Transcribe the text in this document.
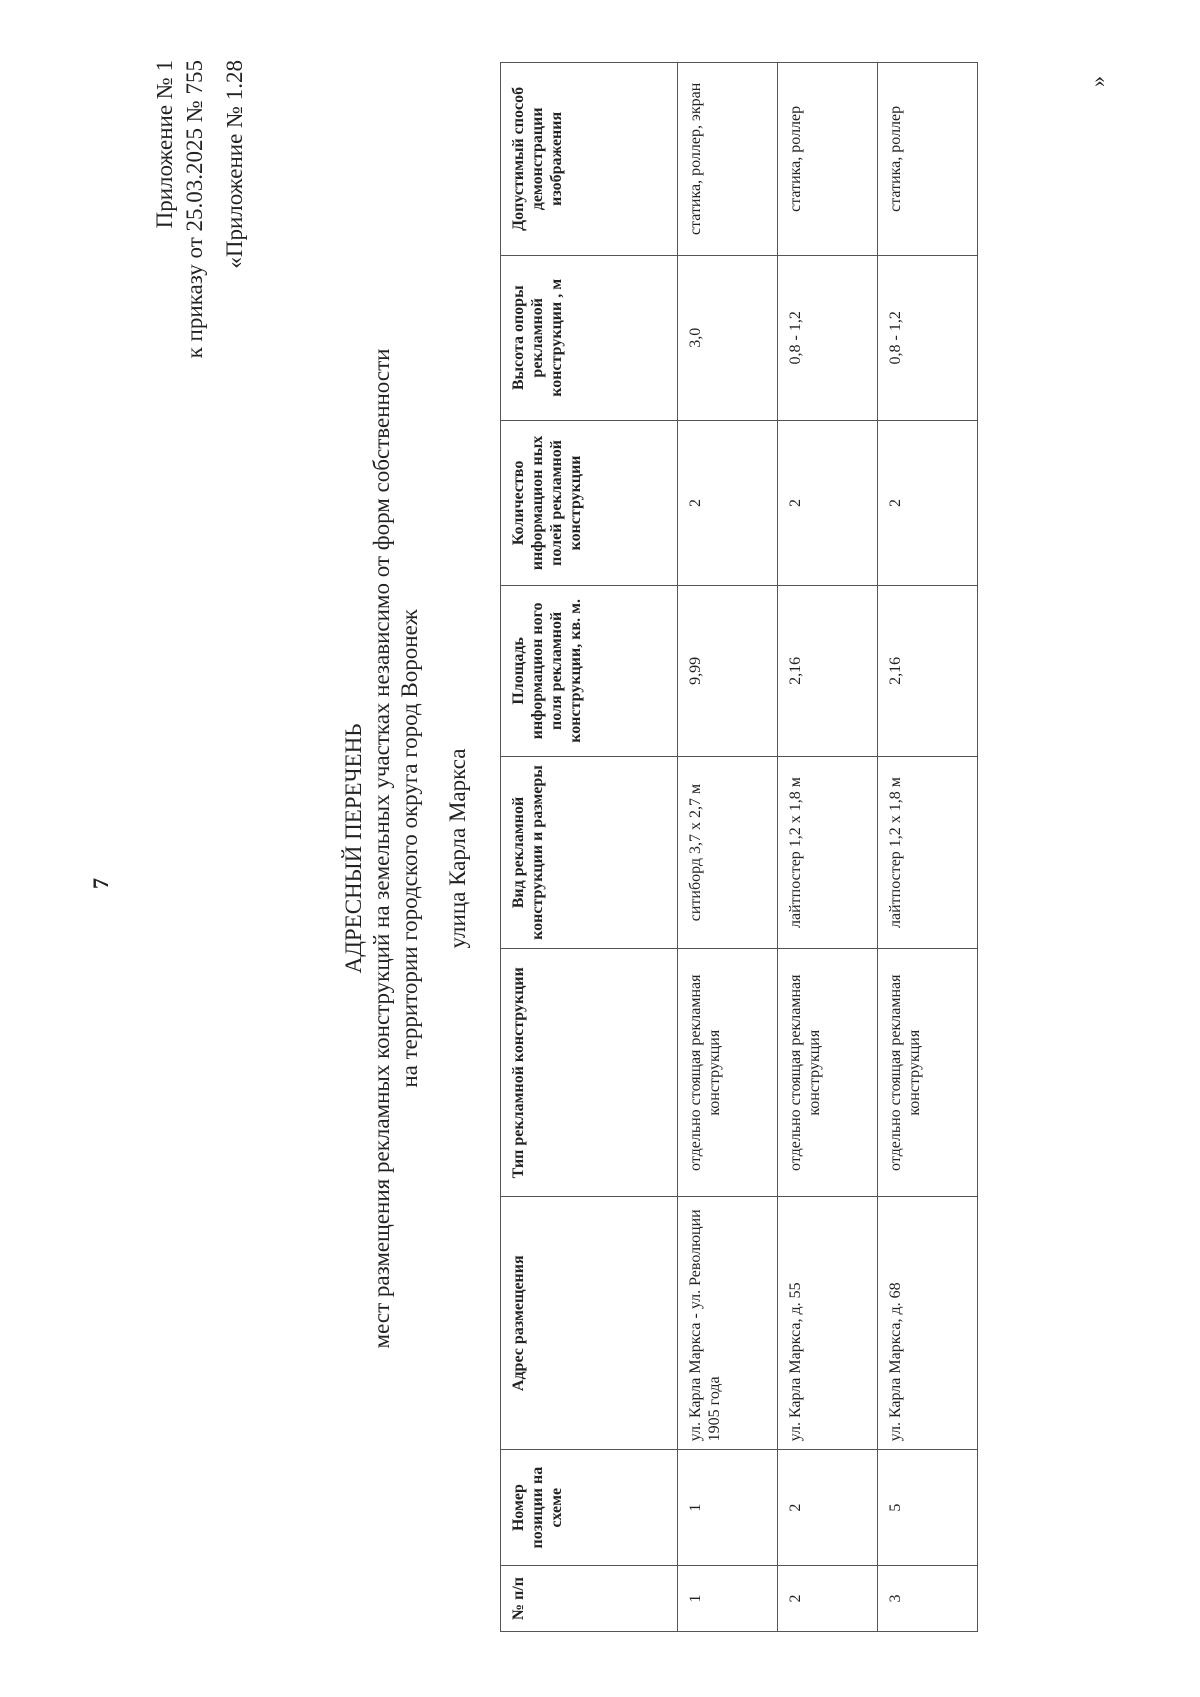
7
Приложение № 1 к приказу от 25.03.2025 № 755 «Приложение № 1.28
АДРЕСНЫЙ ПЕРЕЧЕНЬ мест размещения рекламных конструкций на земельных участках независимо от форм собственности на территории городского округа город Воронеж улица Карла Маркса
№ п/п	Номер позиции на схеме	Адрес размещения	Тип рекламной конструкции	Вид рекламной конструкции и размеры	Площадь информацион ного поля рекламной конструкции, кв. м.	Количество информацион ных полей рекламной конструкции	Высота опоры рекламной конструкции , м	Допустимый способ демонстрации изображения
1	1	ул. Карла Маркса - ул. Революции 1905 года	отдельно стоящая рекламная конструкция	ситиборд 3,7 х 2,7 м	9,99	2	3,0	статика, роллер, экран
2	2	ул. Карла Маркса, д. 55	отдельно стоящая рекламная конструкция	лайтпостер 1,2 х 1,8 м	2,16	2	0,8 - 1,2	статика, роллер
3	5	ул. Карла Маркса, д. 68	отдельно стоящая рекламная конструкция	лайтпостер 1,2 х 1,8 м	2,16	2	0,8 - 1,2	статика, роллер
»
